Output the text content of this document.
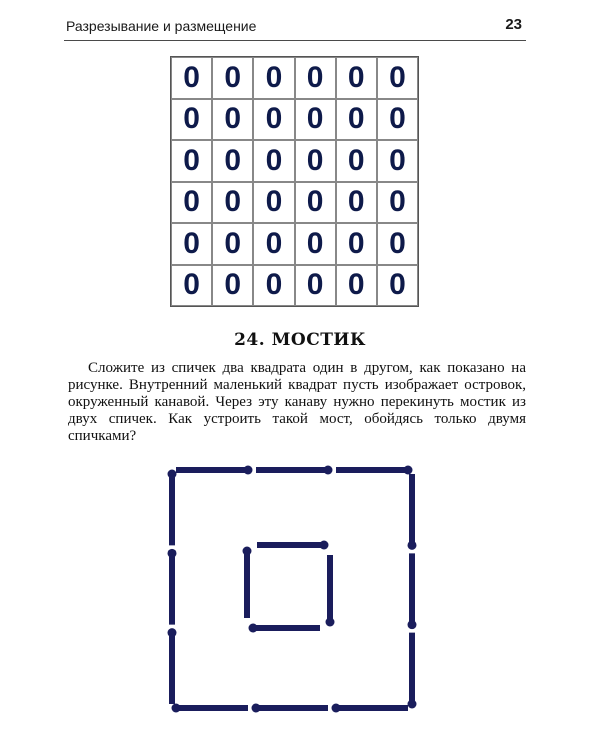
Разрезывание и размещение	23
0 0 0 0 0 0
0 0 0 0 0 0
0 0 0 0 0 0
0 0 0 0 0 0
0 0 0 0 0 0
0 0 0 0 0 0
24. МОСТИК

Сложите из спичек два квадрата один в другом, как показано на рисунке. Внутренний маленький квадрат пусть изображает островок, окруженный канавой. Через эту канаву нужно перекинуть мостик из двух спичек. Как устроить такой мост, обойдясь только двумя спичками?
